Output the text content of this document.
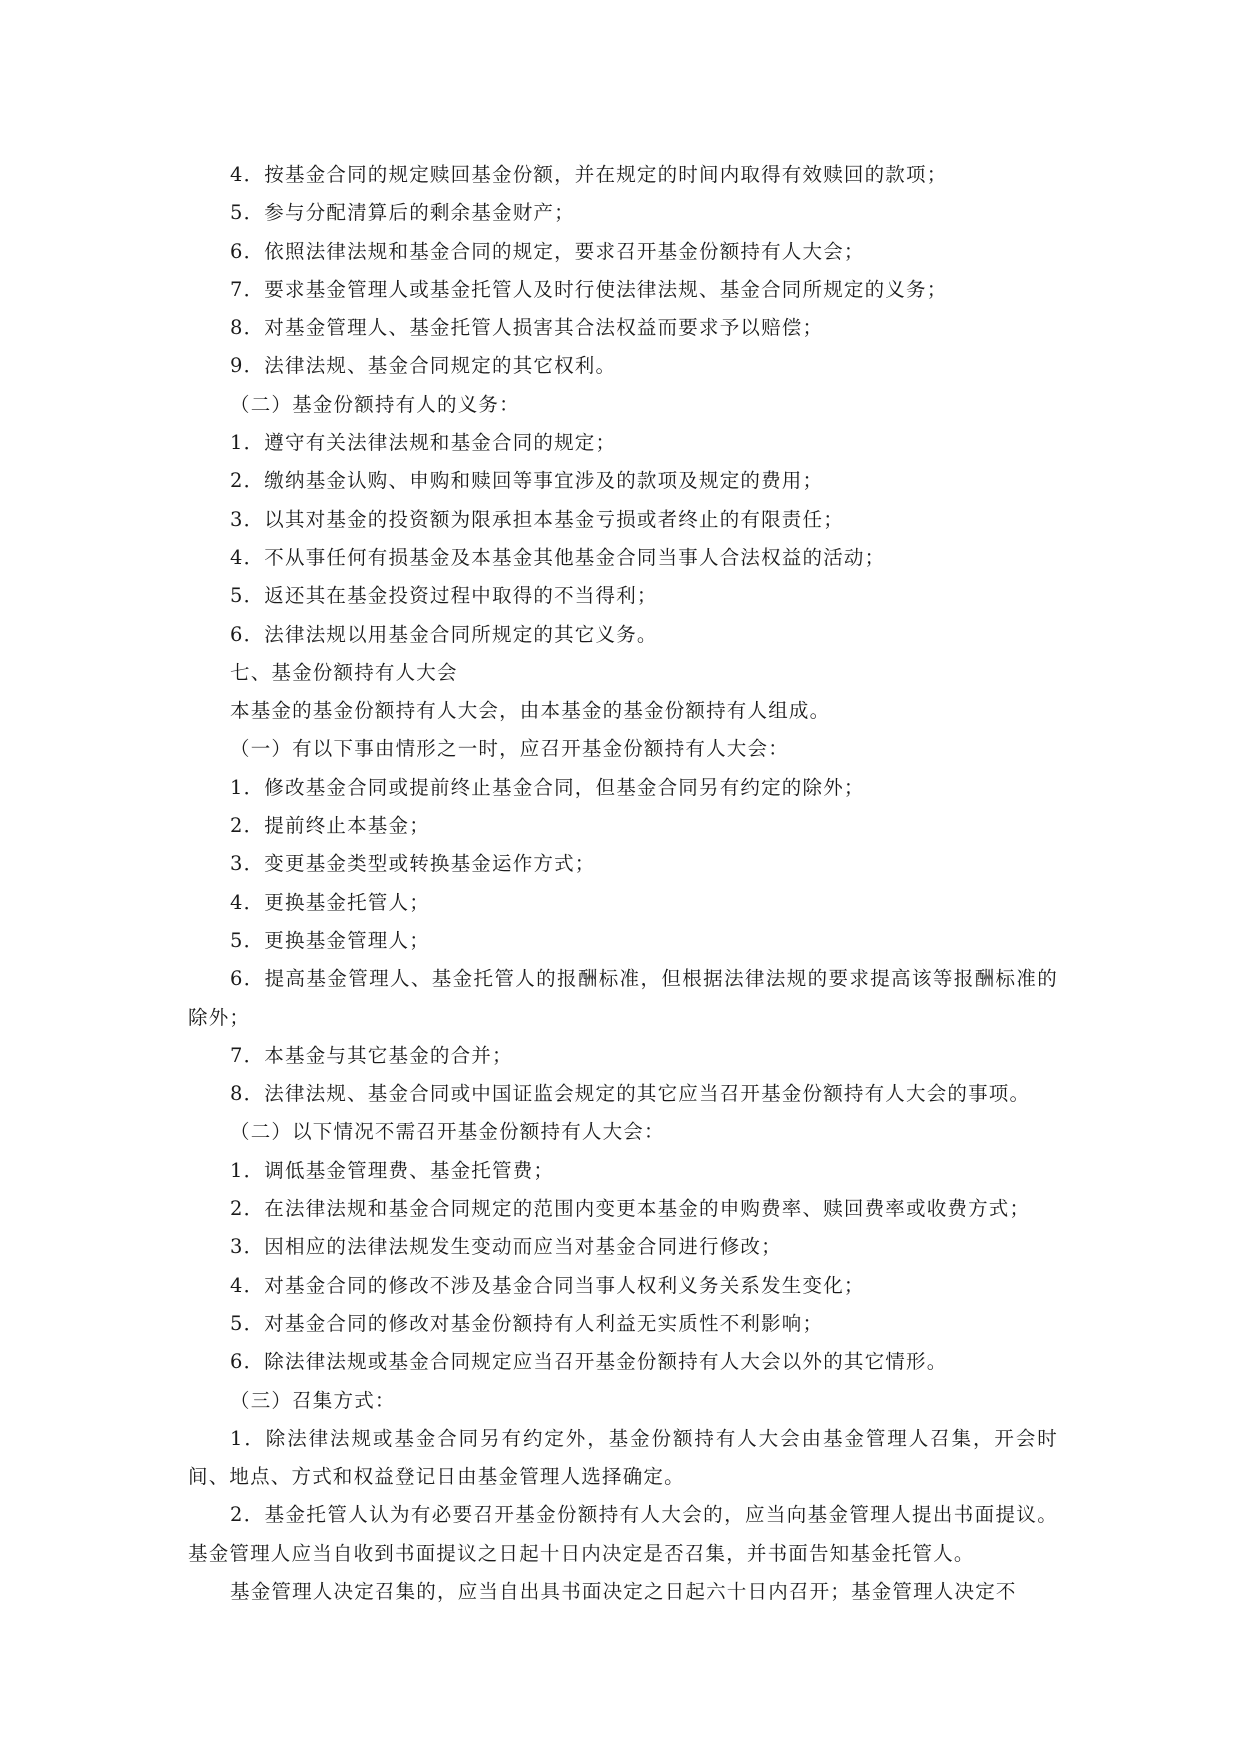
4．按基金合同的规定赎回基金份额，并在规定的时间内取得有效赎回的款项；

5．参与分配清算后的剩余基金财产；

6．依照法律法规和基金合同的规定，要求召开基金份额持有人大会；

7．要求基金管理人或基金托管人及时行使法律法规、基金合同所规定的义务；

8．对基金管理人、基金托管人损害其合法权益而要求予以赔偿；

9．法律法规、基金合同规定的其它权利。

（二）基金份额持有人的义务：

1．遵守有关法律法规和基金合同的规定；

2．缴纳基金认购、申购和赎回等事宜涉及的款项及规定的费用；

3．以其对基金的投资额为限承担本基金亏损或者终止的有限责任；

4．不从事任何有损基金及本基金其他基金合同当事人合法权益的活动；

5．返还其在基金投资过程中取得的不当得利；

6．法律法规以用基金合同所规定的其它义务。

七、基金份额持有人大会

本基金的基金份额持有人大会，由本基金的基金份额持有人组成。

（一）有以下事由情形之一时，应召开基金份额持有人大会：

1．修改基金合同或提前终止基金合同，但基金合同另有约定的除外；

2．提前终止本基金；

3．变更基金类型或转换基金运作方式；

4．更换基金托管人；

5．更换基金管理人；

6．提高基金管理人、基金托管人的报酬标准，但根据法律法规的要求提高该等报酬标准的除外；

7．本基金与其它基金的合并；

8．法律法规、基金合同或中国证监会规定的其它应当召开基金份额持有人大会的事项。

（二）以下情况不需召开基金份额持有人大会：

1．调低基金管理费、基金托管费；

2．在法律法规和基金合同规定的范围内变更本基金的申购费率、赎回费率或收费方式；

3．因相应的法律法规发生变动而应当对基金合同进行修改；

4．对基金合同的修改不涉及基金合同当事人权利义务关系发生变化；

5．对基金合同的修改对基金份额持有人利益无实质性不利影响；

6．除法律法规或基金合同规定应当召开基金份额持有人大会以外的其它情形。

（三）召集方式：

1．除法律法规或基金合同另有约定外，基金份额持有人大会由基金管理人召集，开会时间、地点、方式和权益登记日由基金管理人选择确定。

2．基金托管人认为有必要召开基金份额持有人大会的，应当向基金管理人提出书面提议。基金管理人应当自收到书面提议之日起十日内决定是否召集，并书面告知基金托管人。

基金管理人决定召集的，应当自出具书面决定之日起六十日内召开；基金管理人决定不
